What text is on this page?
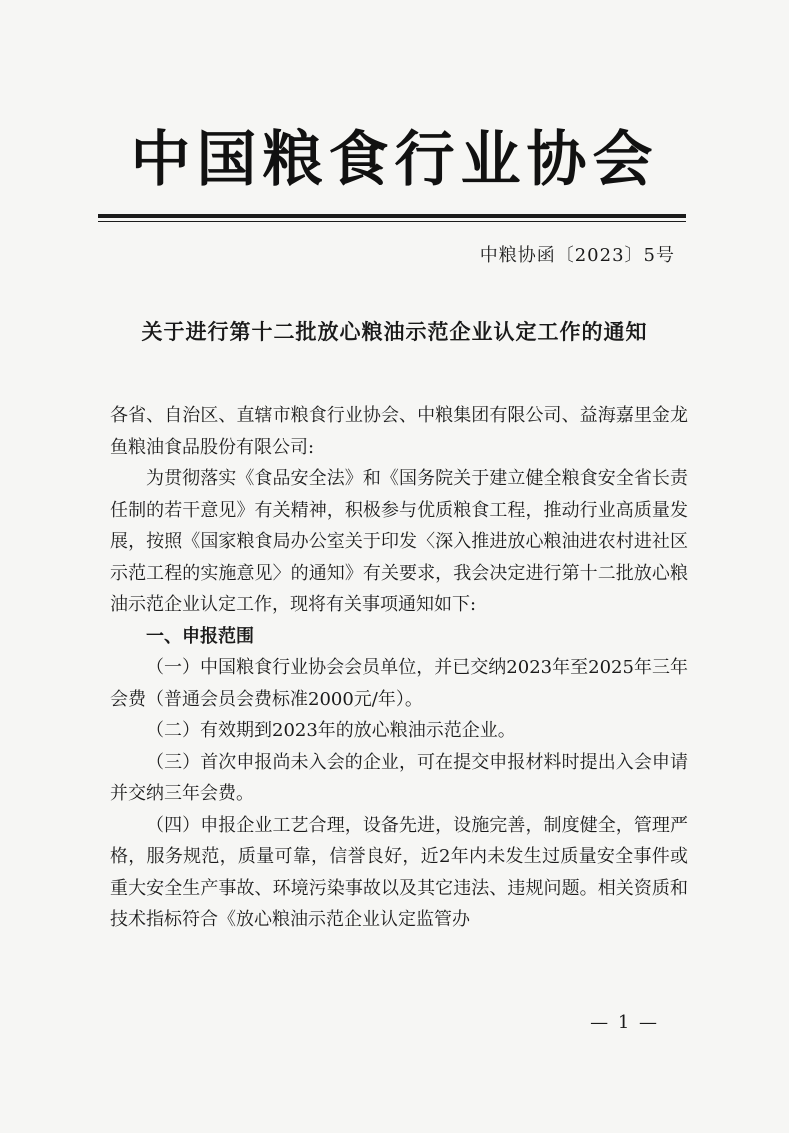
中国粮食行业协会
中粮协函〔2023〕5号
关于进行第十二批放心粮油示范企业认定工作的通知

各省、自治区、直辖市粮食行业协会、中粮集团有限公司、益海嘉里金龙鱼粮油食品股份有限公司:

为贯彻落实《食品安全法》和《国务院关于建立健全粮食安全省长责任制的若干意见》有关精神，积极参与优质粮食工程，推动行业高质量发展，按照《国家粮食局办公室关于印发〈深入推进放心粮油进农村进社区示范工程的实施意见〉的通知》有关要求，我会决定进行第十二批放心粮油示范企业认定工作，现将有关事项通知如下:

一、申报范围

（一）中国粮食行业协会会员单位，并已交纳2023年至2025年三年会费（普通会员会费标准2000元/年）。

（二）有效期到2023年的放心粮油示范企业。

（三）首次申报尚未入会的企业，可在提交申报材料时提出入会申请并交纳三年会费。

（四）申报企业工艺合理，设备先进，设施完善，制度健全，管理严格，服务规范，质量可靠，信誉良好，近2年内未发生过质量安全事件或重大安全生产事故、环境污染事故以及其它违法、违规问题。相关资质和技术指标符合《放心粮油示范企业认定监管办

— 1 —
